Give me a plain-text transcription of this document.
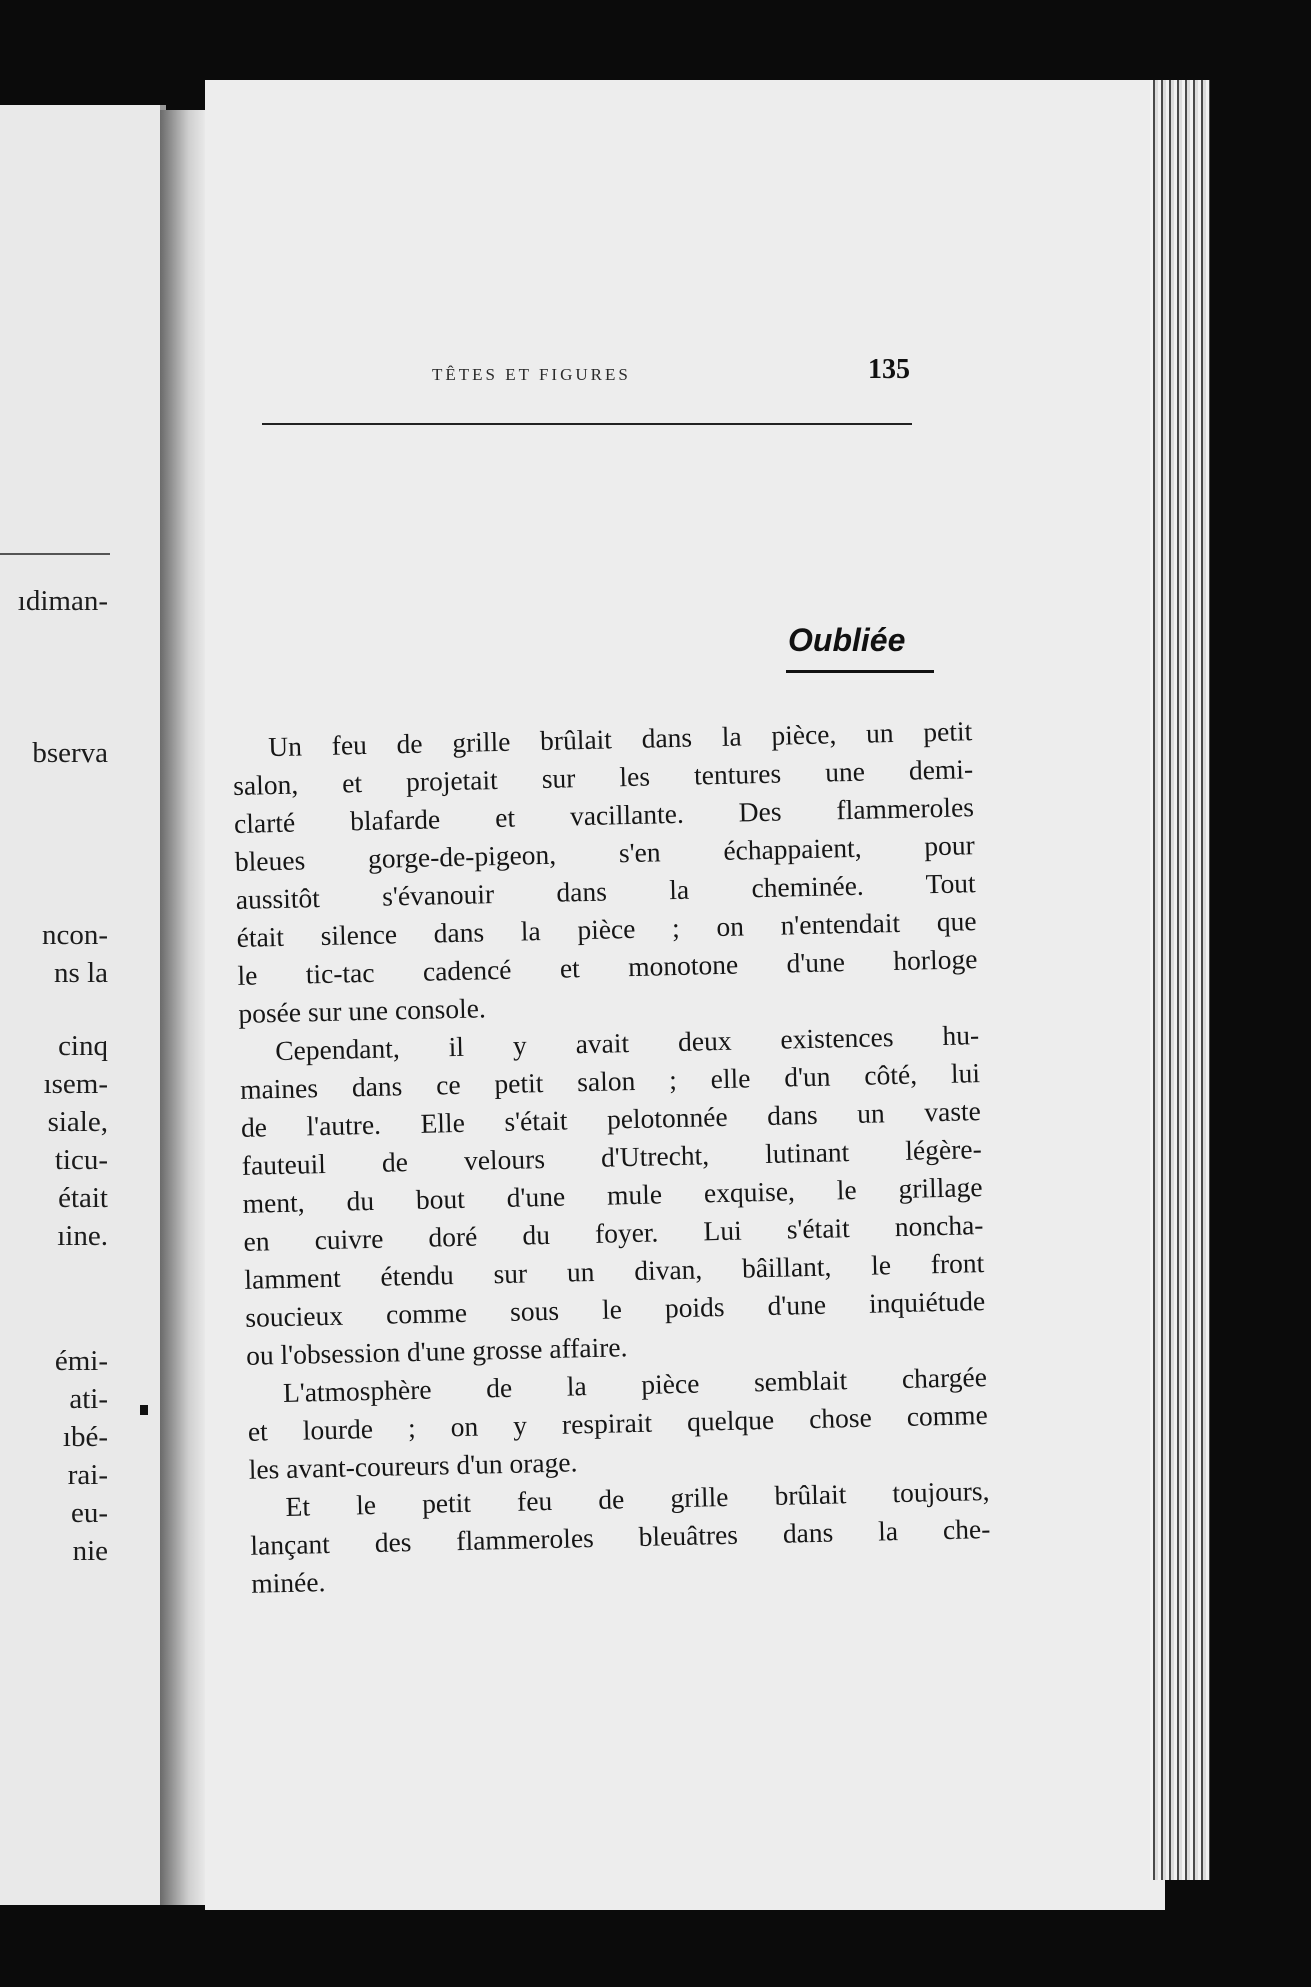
ıdiman-
bserva
ncon-
ns la
cinq
ısem-
siale,
ticu-
était
ıine.
émi-
ati-
ıbé-
rai-
eu-
nie
TÊTES ET FIGURES	135
Oubliée
Un feu de grille brûlait dans la pièce, un petit
salon, et projetait sur les tentures une demi-
clarté blafarde et vacillante. Des flammeroles
bleues gorge-de-pigeon, s'en échappaient, pour
aussitôt s'évanouir dans la cheminée. Tout
était silence dans la pièce ; on n'entendait que
le tic-tac cadencé et monotone d'une horloge
posée sur une console.
Cependant, il y avait deux existences hu-
maines dans ce petit salon ; elle d'un côté, lui
de l'autre. Elle s'était pelotonnée dans un vaste
fauteuil de velours d'Utrecht, lutinant légère-
ment, du bout d'une mule exquise, le grillage
en cuivre doré du foyer. Lui s'était noncha-
lamment étendu sur un divan, bâillant, le front
soucieux comme sous le poids d'une inquiétude
ou l'obsession d'une grosse affaire.
L'atmosphère de la pièce semblait chargée
et lourde ; on y respirait quelque chose comme
les avant-coureurs d'un orage.
Et le petit feu de grille brûlait toujours,
lançant des flammeroles bleuâtres dans la che-
minée.
